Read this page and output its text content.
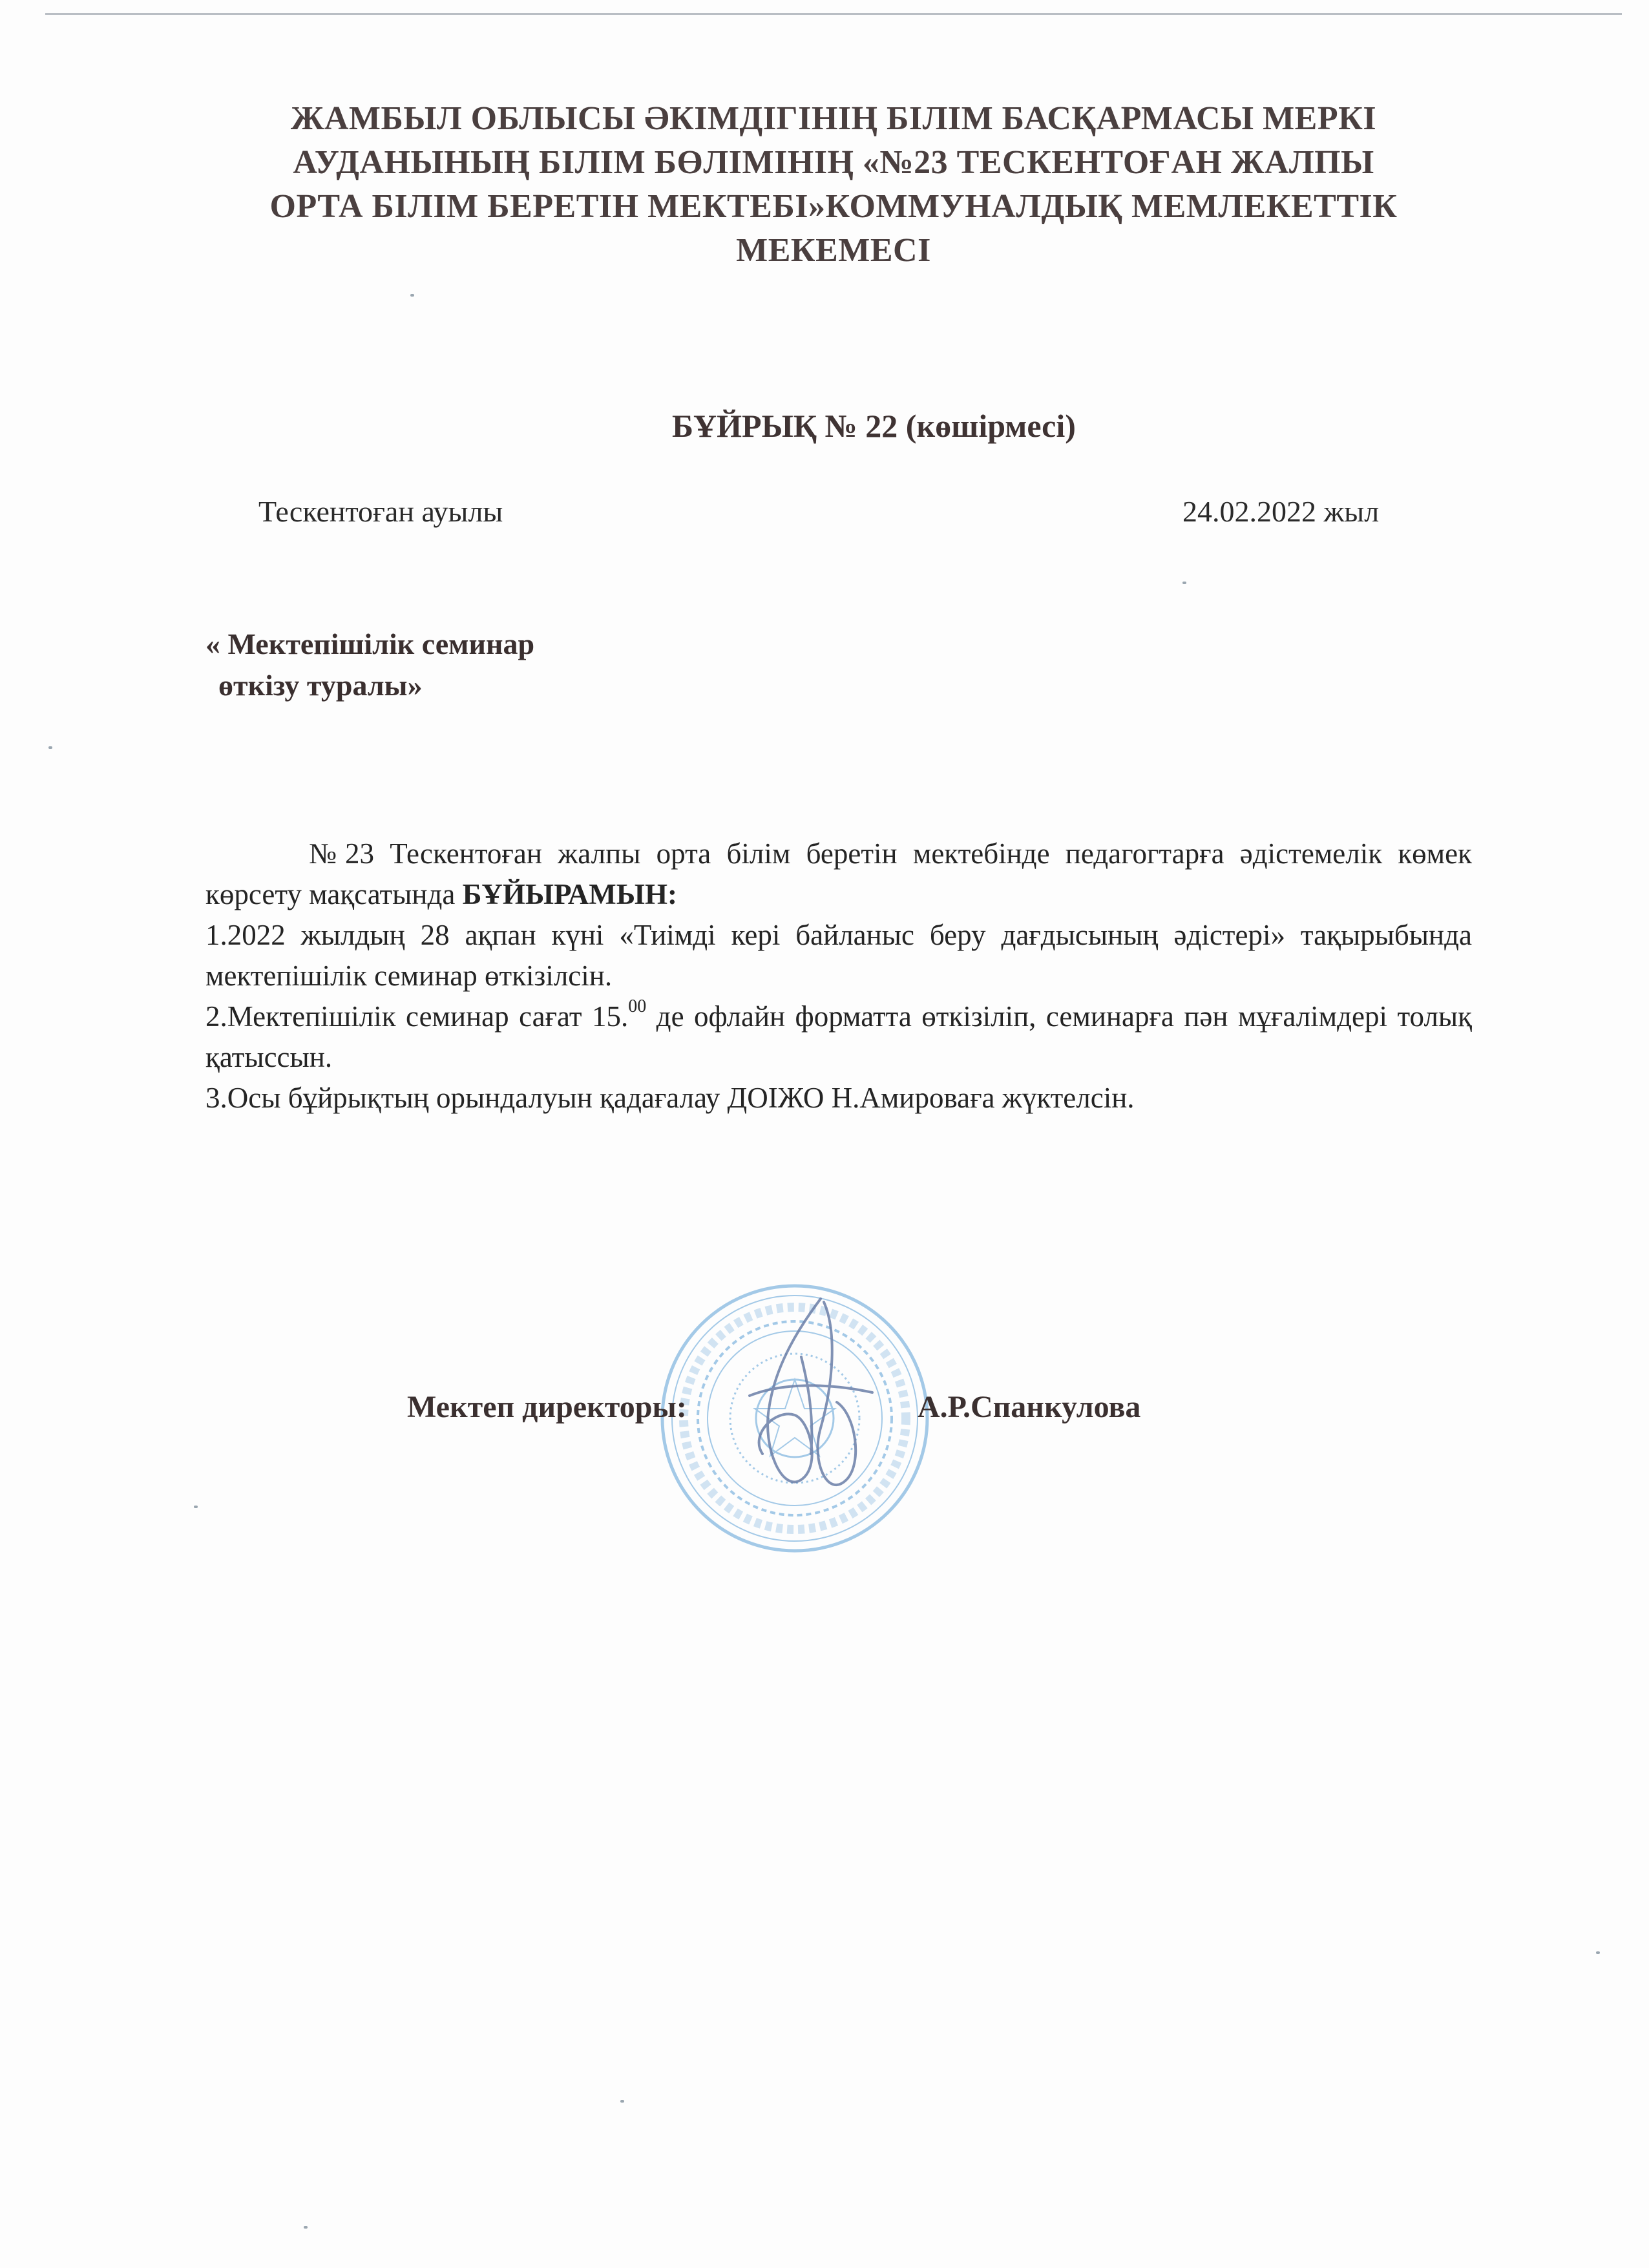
ЖАМБЫЛ ОБЛЫСЫ ӘКІМДІГІНІҢ БІЛІМ БАСҚАРМАСЫ МЕРКІ
АУДАНЫНЫҢ БІЛІМ БӨЛІМІНІҢ «№23 ТЕСКЕНТОҒАН ЖАЛПЫ
ОРТА БІЛІМ БЕРЕТІН МЕКТЕБІ»КОММУНАЛДЫҚ МЕМЛЕКЕТТІК
МЕКЕМЕСІ
БҰЙРЫҚ № 22 (көшірмесі)
Тескентоған ауылы	24.02.2022 жыл
« Мектепішілік семинар
өткізу туралы»

№23 Тескентоған жалпы орта білім беретін мектебінде педагогтарға әдістемелік көмек көрсету мақсатында БҰЙЫРАМЫН:

1.2022 жылдың 28 ақпан күні «Тиімді кері байланыс беру дағдысының әдістері» тақырыбында мектепішілік семинар өткізілсін.

2.Мектепішілік семинар сағат 15.00 де офлайн форматта өткізіліп, семинарға пән мұғалімдері толық қатыссын.

3.Осы бұйрықтың орындалуын қадағалау ДОІЖО Н.Амироваға жүктелсін.

Мектеп директоры:	А.Р.Спанкулова
